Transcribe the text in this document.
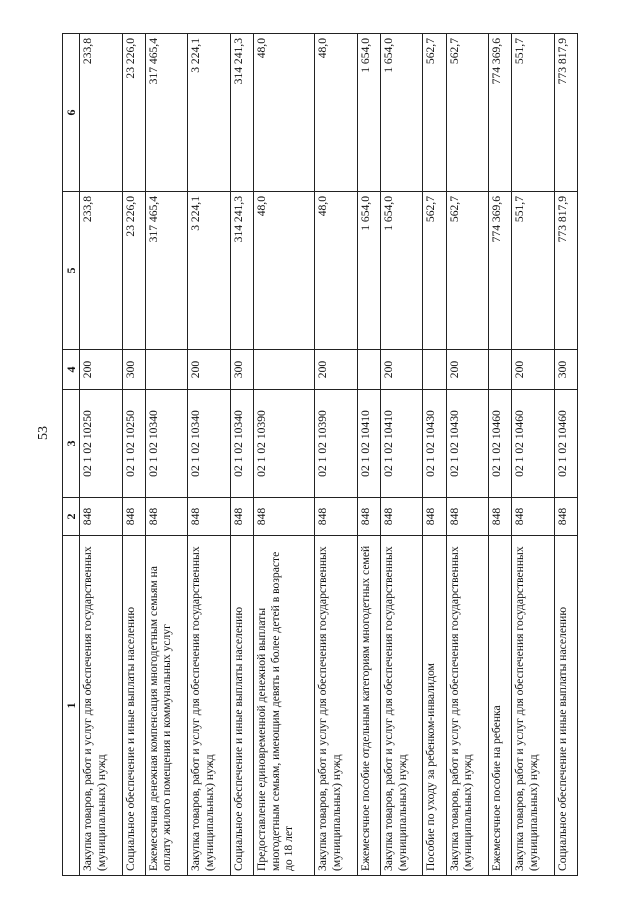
53
1	2	3	4	5	6
Закупка товаров, работ и услуг для обеспечения государственных (муниципальных) нужд	848	02 1 02 10250	200	233,8	233,8
Социальное обеспечение и иные выплаты населению	848	02 1 02 10250	300	23 226,0	23 226,0
Ежемесячная денежная компенсация многодетным семьям на оплату жилого помещения и коммунальных услуг	848	02 1 02 10340		317 465,4	317 465,4
Закупка товаров, работ и услуг для обеспечения государственных (муниципальных) нужд	848	02 1 02 10340	200	3 224,1	3 224,1
Социальное обеспечение и иные выплаты населению	848	02 1 02 10340	300	314 241,3	314 241,3
Предоставление единовременной денежной выплаты многодетным семьям, имеющим девять и более детей в возрасте до 18 лет	848	02 1 02 10390		48,0	48,0
Закупка товаров, работ и услуг для обеспечения государственных (муниципальных) нужд	848	02 1 02 10390	200	48,0	48,0
Ежемесячное пособие отдельным категориям многодетных семей	848	02 1 02 10410		1 654,0	1 654,0
Закупка товаров, работ и услуг для обеспечения государственных (муниципальных) нужд	848	02 1 02 10410	200	1 654,0	1 654,0
Пособие по уходу за ребенком-инвалидом	848	02 1 02 10430		562,7	562,7
Закупка товаров, работ и услуг для обеспечения государственных (муниципальных) нужд	848	02 1 02 10430	200	562,7	562,7
Ежемесячное пособие на ребенка	848	02 1 02 10460		774 369,6	774 369,6
Закупка товаров, работ и услуг для обеспечения государственных (муниципальных) нужд	848	02 1 02 10460	200	551,7	551,7
Социальное обеспечение и иные выплаты населению	848	02 1 02 10460	300	773 817,9	773 817,9
